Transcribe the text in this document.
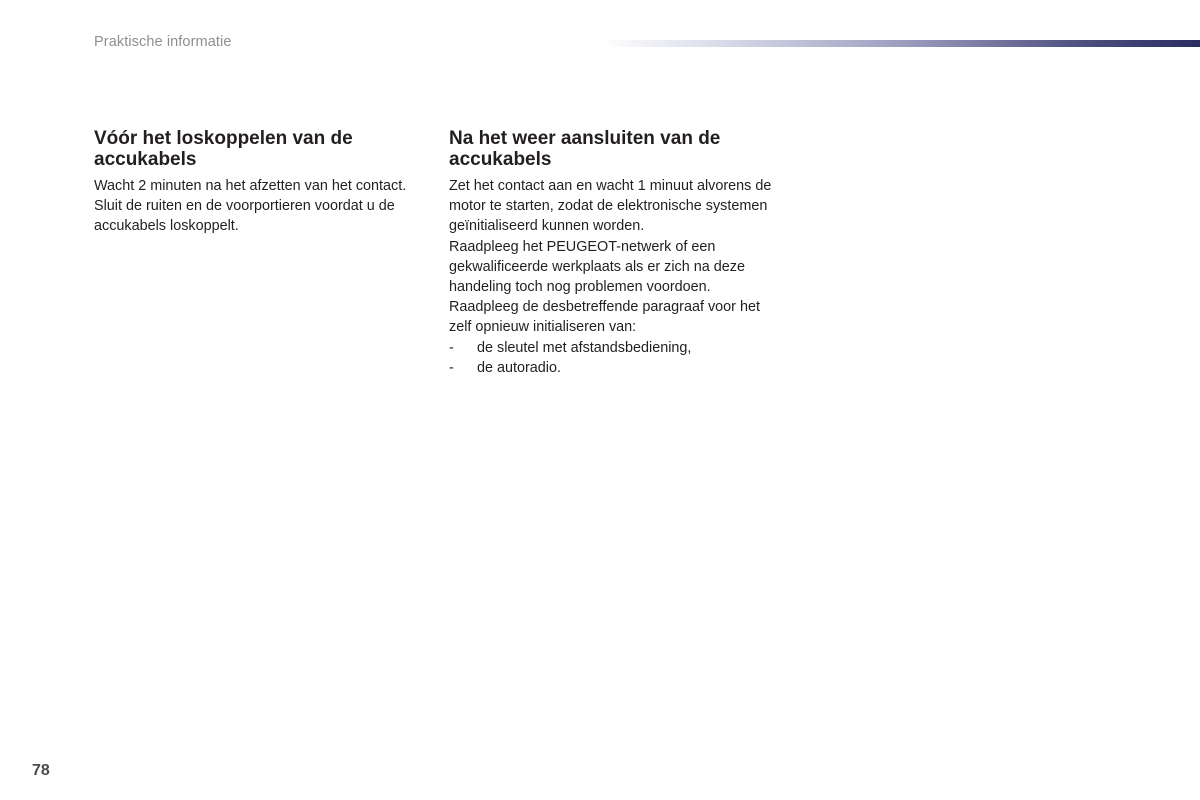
Praktische informatie
Vóór het loskoppelen van de accukabels

Wacht 2 minuten na het afzetten van het contact.

Sluit de ruiten en de voorportieren voordat u de accukabels loskoppelt.

Na het weer aansluiten van de accukabels

Zet het contact aan en wacht 1 minuut alvorens de motor te starten, zodat de elektronische systemen geïnitialiseerd kunnen worden.

Raadpleeg het PEUGEOT-netwerk of een gekwalificeerde werkplaats als er zich na deze handeling toch nog problemen voordoen.

Raadpleeg de desbetreffende paragraaf voor het zelf opnieuw initialiseren van:

-	de sleutel met afstandsbediening,
-	de autoradio.
78
